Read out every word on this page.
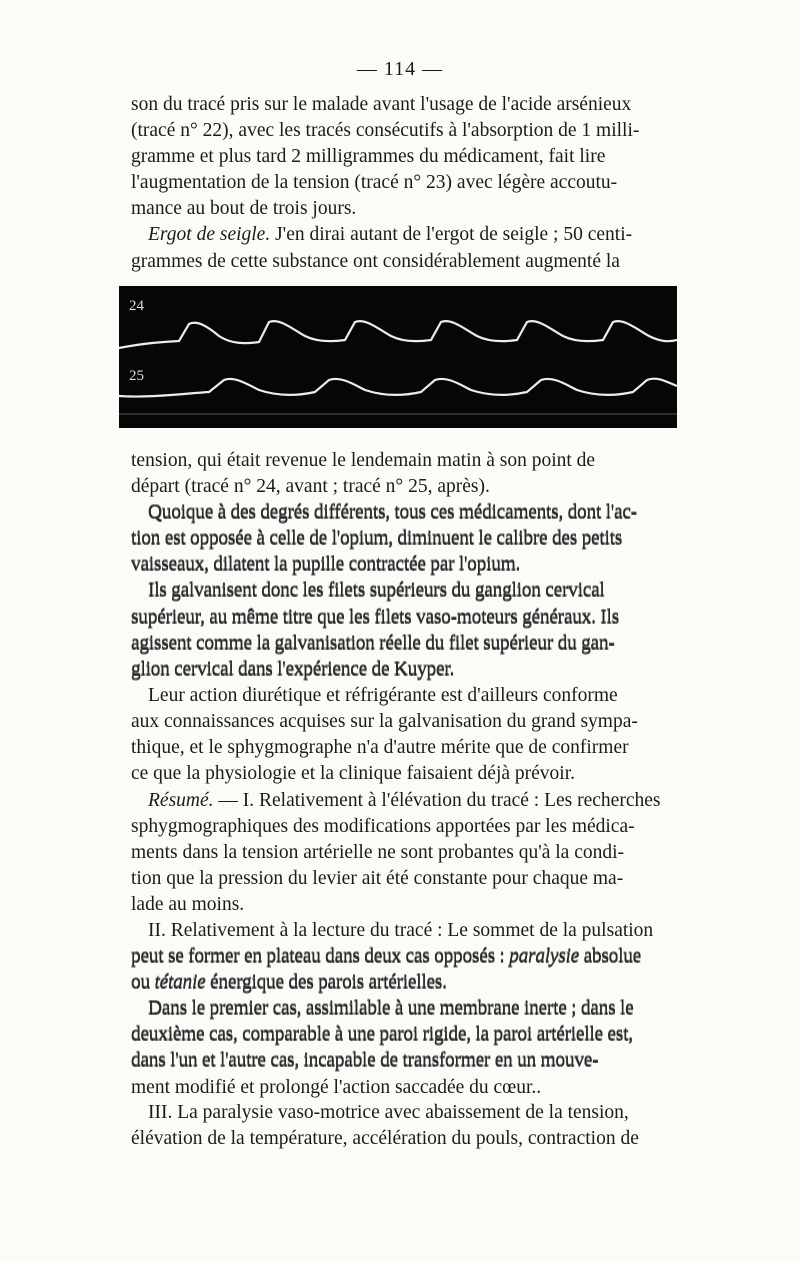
— 114 —

son du tracé pris sur le malade avant l'usage de l'acide arsénieux

(tracé n° 22), avec les tracés consécutifs à l'absorption de 1 milli-

gramme et plus tard 2 milligrammes du médicament, fait lire

l'augmentation de la tension (tracé n° 23) avec légère accoutu-

mance au bout de trois jours.

Ergot de seigle. J'en dirai autant de l'ergot de seigle ; 50 centi-

grammes de cette substance ont considérablement augmenté la

24
25

tension, qui était revenue le lendemain matin à son point de

départ (tracé n° 24, avant ; tracé n° 25, après).

Quoique à des degrés différents, tous ces médicaments, dont l'ac-

tion est opposée à celle de l'opium, diminuent le calibre des petits

vaisseaux, dilatent la pupille contractée par l'opium.

Ils galvanisent donc les filets supérieurs du ganglion cervical

supérieur, au même titre que les filets vaso-moteurs généraux. Ils

agissent comme la galvanisation réelle du filet supérieur du gan-

glion cervical dans l'expérience de Kuyper.

Leur action diurétique et réfrigérante est d'ailleurs conforme

aux connaissances acquises sur la galvanisation du grand sympa-

thique, et le sphygmographe n'a d'autre mérite que de confirmer

ce que la physiologie et la clinique faisaient déjà prévoir.

Résumé. — I. Relativement à l'élévation du tracé : Les recherches

sphygmographiques des modifications apportées par les médica-

ments dans la tension artérielle ne sont probantes qu'à la condi-

tion que la pression du levier ait été constante pour chaque ma-

lade au moins.

II. Relativement à la lecture du tracé : Le sommet de la pulsation

peut se former en plateau dans deux cas opposés : paralysie absolue

ou tétanie énergique des parois artérielles.

Dans le premier cas, assimilable à une membrane inerte ; dans le

deuxième cas, comparable à une paroi rigide, la paroi artérielle est,

dans l'un et l'autre cas, incapable de transformer en un mouve-

ment modifié et prolongé l'action saccadée du cœur..

III. La paralysie vaso-motrice avec abaissement de la tension,

élévation de la température, accélération du pouls, contraction de
